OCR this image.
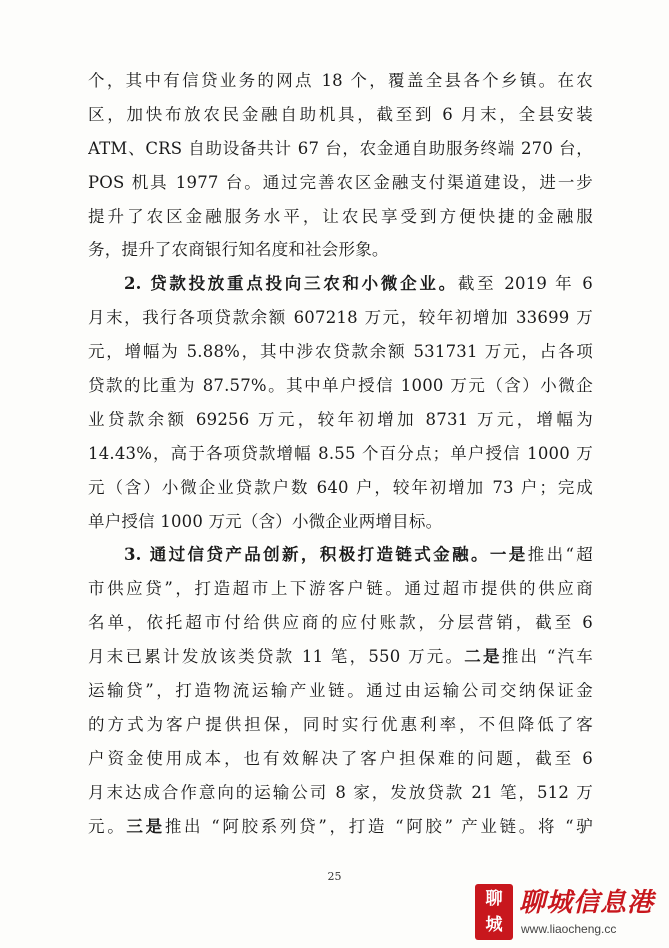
个，其中有信贷业务的网点 18 个，覆盖全县各个乡镇。在农
区，加快布放农民金融自助机具，截至到 6 月末，全县安装
ATM、CRS 自助设备共计 67 台，农金通自助服务终端 270 台，
POS 机具 1977 台。通过完善农区金融支付渠道建设，进一步
提升了农区金融服务水平，让农民享受到方便快捷的金融服
务，提升了农商银行知名度和社会形象。
2. 贷款投放重点投向三农和小微企业。截至 2019 年 6
月末，我行各项贷款余额 607218 万元，较年初增加 33699 万
元，增幅为 5.88%，其中涉农贷款余额 531731 万元，占各项
贷款的比重为 87.57%。其中单户授信 1000 万元（含）小微企
业贷款余额 69256 万元，较年初增加 8731 万元，增幅为
14.43%，高于各项贷款增幅 8.55 个百分点；单户授信 1000 万
元（含）小微企业贷款户数 640 户，较年初增加 73 户；完成
单户授信 1000 万元（含）小微企业两增目标。
3. 通过信贷产品创新，积极打造链式金融。一是推出“超
市供应贷”，打造超市上下游客户链。通过超市提供的供应商
名单，依托超市付给供应商的应付账款，分层营销，截至 6
月末已累计发放该类贷款 11 笔，550 万元。二是推出 “汽车
运输贷”，打造物流运输产业链。通过由运输公司交纳保证金
的方式为客户提供担保，同时实行优惠利率，不但降低了客
户资金使用成本，也有效解决了客户担保难的问题，截至 6
月末达成合作意向的运输公司 8 家，发放贷款 21 笔，512 万
元。三是推出 “阿胶系列贷”，打造 “阿胶” 产业链。将 “驴
25
聊
城
聊城信息港
www.liaocheng.cc
